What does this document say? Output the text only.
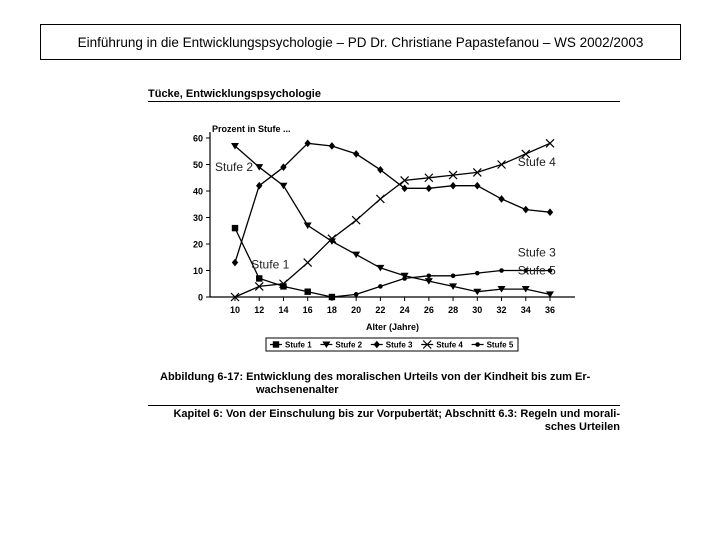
Einführung in die Entwicklungspsychologie – PD Dr. Christiane Papastefanou – WS 2002/2003
Tücke, Entwicklungspsychologie
0
10
20
30
40
50
60
10 12 14 16 18 20 22 24 26 28 30 32 34 36
Prozent in Stufe ...
Alter (Jahre)
Stufe 2
Stufe 1
Stufe 4
Stufe 3
Stufe 5
Stufe 1	Stufe 2	Stufe 3	Stufe 4	Stufe 5
Abbildung 6-17: Entwicklung des moralischen Urteils von der Kindheit bis zum Er-
wachsenenalter
Kapitel 6: Von der Einschulung bis zur Vorpubertät; Abschnitt 6.3: Regeln und morali-
sches Urteilen
